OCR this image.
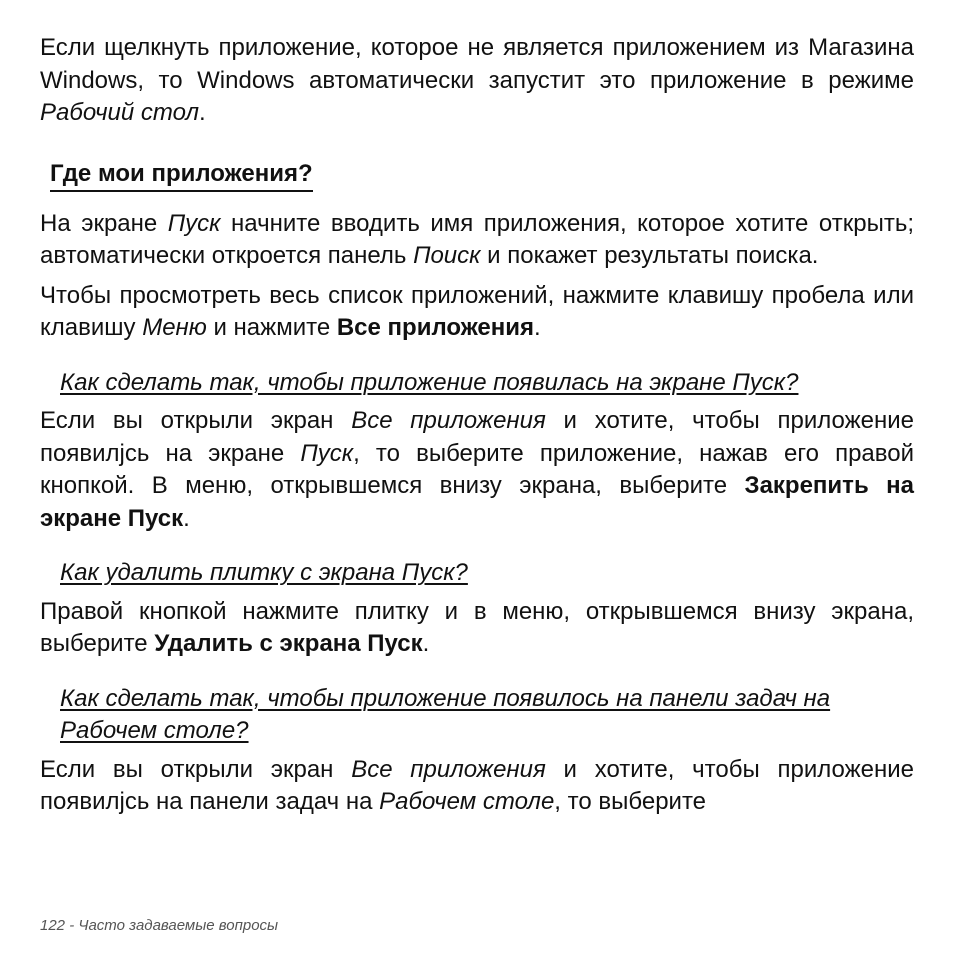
Если щелкнуть приложение, которое не является приложением из Магазина Windows, то Windows автоматически запустит это приложение в режиме Рабочий стол.

Где мои приложения?

На экране Пуск начните вводить имя приложения, которое хотите открыть; автоматически откроется панель Поиск и покажет результаты поиска.

Чтобы просмотреть весь список приложений, нажмите клавишу пробела или клавишу Меню и нажмите Все приложения.

Как сделать так, чтобы приложение появилась на экране Пуск?

Если вы открыли экран Все приложения и хотите, чтобы приложение появилjсь на экране Пуск, то выберите приложение, нажав его правой кнопкой. В меню, открывшемся внизу экрана, выберите Закрепить на экране Пуск.

Как удалить плитку с экрана Пуск?

Правой кнопкой нажмите плитку и в меню, открывшемся внизу экрана, выберите Удалить с экрана Пуск.

Как сделать так, чтобы приложение появилось на панели задач на Рабочем столе?

Если вы открыли экран Все приложения и хотите, чтобы приложение появилjсь на панели задач на Рабочем столе, то выберите

122 - Часто задаваемые вопросы
